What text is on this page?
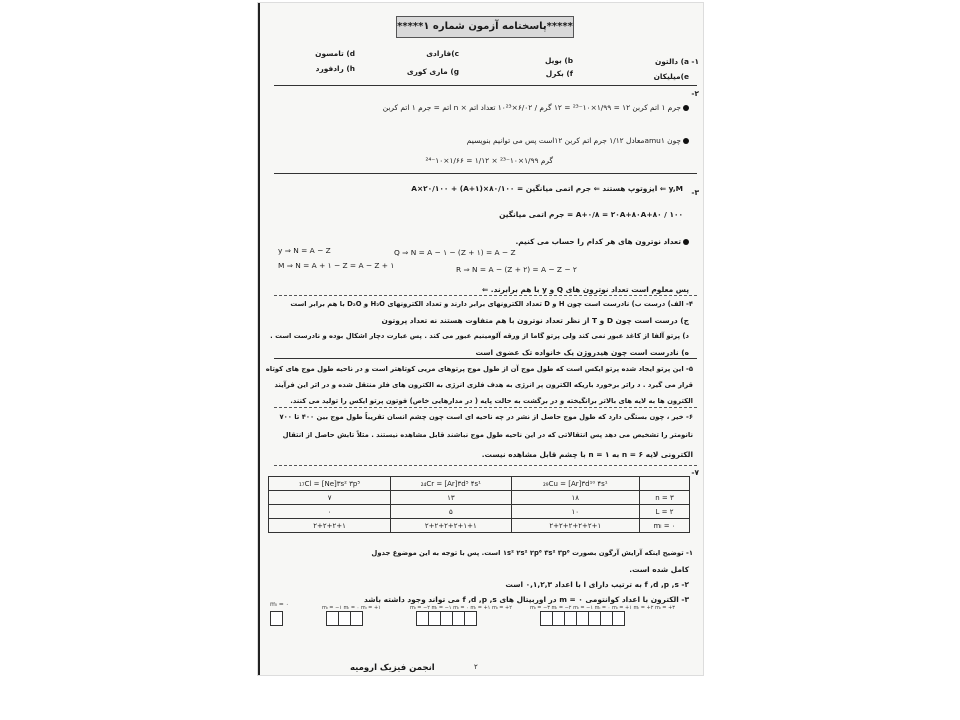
*****پاسخنامه آزمون شماره ۱*****
۱-
a) دالتون
b) بویل
c)فارادی
d) تامسون
e)میلیکان
f) بکرل
g) ماری کوری
h) رادفورد
۲-
جرم ۱ اتم کربن ۱۲ = ۱/۹۹×۱۰⁻²³ = ۱۲ گرم / ۶/۰۲×۱۰²³ تعداد اتم × n اتم = جرم ۱ اتم کربن
چون amu۱معادل ۱/۱۲ جرم اتم کربن ۱۲است پس می توانیم بنویسیم
گرم ۱/۹۹×۱۰⁻²³ × ۱/۱۲ = ۱/۶۶×۱۰⁻²⁴
۳-
y,M ⇐ ایزوتوپ هستند ⇐ جرم اتمی میانگین = A×۲۰/۱۰۰ + (A+۱)×۸۰/۱۰۰
A+۰/۸ = ۲۰A+۸۰A+۸۰ / ۱۰۰ = جرم اتمی میانگین
تعداد نوترون های هر کدام را حساب می کنیم.
y ⇒ N = A − Z	Q ⇒ N = A − ۱ − (Z + ۱) = A − Z
M ⇒ N = A + ۱ − Z = A − Z + ۱	R ⇒ N = A − (Z + ۲) = A − Z − ۲
پس معلوم است تعداد نوترون های Q و y با هم برابرند. ⇐
۴- الف) درست ب) نادرست است چون H و D تعداد الکترونهای برابر دارند و تعداد الکترونهای H₂O و D₂O با هم برابر است
ج) درست است چون D و T از نظر تعداد نوترون با هم متفاوت هستند نه تعداد پروتون
د) پرتو آلفا از کاغذ عبور نمی کند ولی پرتو گاما از ورقه آلومینیم عبور می کند . پس عبارت دچار اشکال بوده و نادرست است .
ه) نادرست است چون هیدروژن یک خانواده تک عضوی است
۵- این پرتو ایجاد شده پرتو ایکس است که طول موج آن از طول موج پرتوهای مریی کوتاهتر است و در ناحیه طول موج های کوتاه
قرار می گیرد . د راثر برخورد باریکه الکترون پر انرژی به هدف فلزی انرژی به الکترون های فلز منتقل شده و در اثر این فرآیند
الکترون ها به لایه های بالاتر برانگیخته و در برگشت به حالت پایه ( در مدارهایی خاص) فوتون پرتو ایکس را تولید می کنند.
۶- خیر ، چون بستگی دارد که طول موج حاصل از نشر در چه ناحیه ای است چون چشم انسان تقریباً طول موج بین ۴۰۰ تا ۷۰۰
نانومتر را تشخیص می دهد پس انتقالاتی که در این ناحیه طول موج نباشند قابل مشاهده نیستند . مثلاً تابش حاصل از انتقال
الکترونی لایه ۶ = n به ۱ = n با چشم قابل مشاهده نیست.
۷-
₁₇Cl = [Ne]۳s² ۳p⁵	₂₄Cr = [Ar]۳d⁵ ۴s¹	₂₉Cu = [Ar]۳d¹⁰ ۴s¹	
۷	۱۳	۱۸	n = ۳
۰	۵	۱۰	L = ۲
۲+۲+۲+۱	۲+۲+۲+۲+۱+۱	۲+۲+۲+۲+۲+۱	mₗ = ۰
۱- توضیح اینکه آرایش آرگون بصورت ۱s² ۲s² ۲p⁶ ۳s² ۳p⁶ است. پس با توجه به این موضوع جدول
کامل شده است.
۲- f ,d ,p ,s به ترتیب دارای l با اعداد ۰,۱,۲,۳ است
۳- الکترون با اعداد کوانتومی m = ۰ در اوربیتال های f ,d ,p ,s می تواند وجود داشته باشد
mₗ = ۰	mₗ = −۱ mₗ = ۰ mₗ = +۱	mₗ = −۲ mₗ = −۱ mₗ = ۰ mₗ = +۱ mₗ = +۲	mₗ = −۳ mₗ = −۲ mₗ = −۱ mₗ = ۰ mₗ = +۱ mₗ = +۲ mₗ = +۳
انجمن فیزیک ارومیه	۲
